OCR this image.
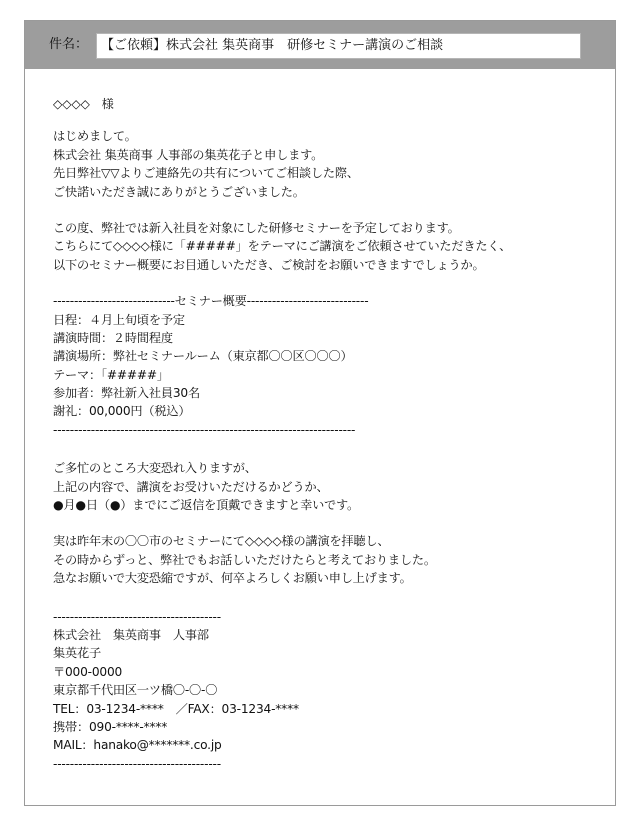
件名： 【ご依頼】株式会社 集英商事　研修セミナー講演のご相談
◇◇◇◇　様
はじめまして。
株式会社 集英商事 人事部の集英花子と申します。
先日弊社▽▽よりご連絡先の共有についてご相談した際、
ご快諾いただき誠にありがとうございました。
この度、弊社では新入社員を対象にした研修セミナーを予定しております。
こちらにて◇◇◇◇様に「#####」をテーマにご講演をご依頼させていただきたく、
以下のセミナー概要にお目通しいただき、ご検討をお願いできますでしょうか。
-----------------------------セミナー概要-----------------------------
日程：４月上旬頃を予定
講演時間：２時間程度
講演場所：弊社セミナールーム（東京都〇〇区〇〇〇）
テーマ：「#####」
参加者：弊社新入社員30名
謝礼：00,000円（税込）
------------------------------------------------------------------------
ご多忙のところ大変恐れ入りますが、
上記の内容で、講演をお受けいただけるかどうか、
●月●日（●）までにご返信を頂戴できますと幸いです。
実は昨年末の〇〇市のセミナーにて◇◇◇◇様の講演を拝聴し、
その時からずっと、弊社でもお話しいただけたらと考えておりました。
急なお願いで大変恐縮ですが、何卒よろしくお願い申し上げます。
----------------------------------------
株式会社　集英商事　人事部
集英花子
〒000-0000
東京都千代田区一ツ橋〇-〇-〇
TEL：03-1234-****　／FAX：03-1234-****
携帯：090-****-****
MAIL：hanako@*******.co.jp
----------------------------------------
